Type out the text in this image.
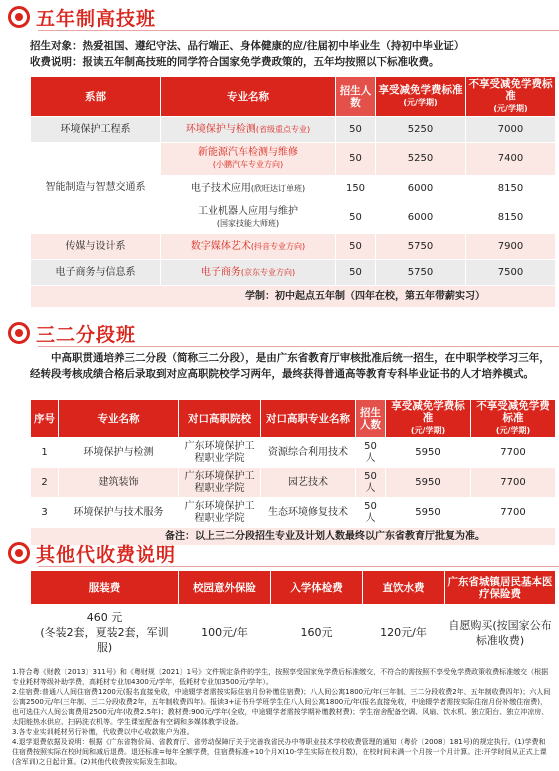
五年制高技班
招生对象：热爱祖国、遵纪守法、品行端正、身体健康的应/往届初中毕业生（持初中毕业证）
收费说明：报读五年制高技班的同学符合国家免学费政策的，五年均按照以下标准收费。
系部	专业名称	招生人数	享受减免学费标准
(元/学期)	不享受减免学费标准
(元/学期)
环境保护工程系	环境保护与检测(省级重点专业)	50	5250	7000
智能制造与智慧交通系	新能源汽车检测与维修
(小鹏汽车专业方向)	50	5250	7400
	电子技术应用(欣旺达订单班)	150	6000	8150
	工业机器人应用与维护
(国家技能大师班)	50	6000	8150
传媒与设计系	数字媒体艺术(抖音专业方向)	50	5750	7900
电子商务与信息系	电子商务(京东专业方向)	50	5750	7500
学制：初中起点五年制（四年在校，第五年带薪实习）				
三二分段班
中高职贯通培养三二分段（简称三二分段），是由广东省教育厅审核批准后统一招生，在中职学校学习三年，经转段考核成绩合格后录取到对应高职院校学习两年，最终获得普通高等教育专科毕业证书的人才培养模式。
序号	专业名称	对口高职院校	对口高职专业名称	招生人数	享受减免学费标准
(元/学期)	不享受减免学费标准
(元/学期)
1	环境保护与检测	广东环境保护工程职业学院	资源综合利用技术	50 人	5950	7700
2	建筑装饰	广东环境保护工程职业学院	园艺技术	50 人	5950	7700
3	环境保护与技术服务	广东环境保护工程职业学院	生态环境修复技术	50 人	5950	7700
备注：以上三二分段招生专业及计划人数最终以广东省教育厅批复为准。						
其他代收费说明
服装费	校园意外保险	入学体检费	直饮水费	广东省城镇居民基本医疗保险费
460 元
(冬装2套，夏装2套，军训服)	100元/年	160元	120元/年	自愿购买(按国家公布标准收费)
1.符合粤《财教〔2013〕311号》和《粤财规〔2021〕1号》文件规定条件的学生，按照享受国家免学费后标准缴交，不符合的需按照不享受免学费政策收费标准缴交（根据专业耗材等级补助学费，高耗材专业加4300元/学年，低耗材专业加3500元/学年）。
2.住宿费:普通八人间住宿费1200元(报名直接免收，中途辍学者需按实际住宿月份补缴住宿费)；八人间公寓1800元/年(三年制、三二分段收费2年、五年制收费四年)；六人间公寓2500元/年(三年制、三二分段收费2年，五年制收费四年)。报读3+证书升学班学生住八人间公寓1800元/年(报名直接免收，中途辍学者需按实际住宿月份补缴住宿费)，也可选住六人间公寓费用2500元/年(收费2.5年)；教材费:900元/学年(全收，中途辍学者需按学期补缴教材费)；学生宿舍配备空调、风扇、饮水机、独立阳台、独立冲凉房、太阳能热水供应、扫码洗衣机等。学生课室配备有空调和多媒体教学设备。
3.各专业实训耗材另行补缴，代收费以中心收款账户为准。
4.退学退费依据及说明：根据《广东省物价局、省教育厅、省劳动保障厅关于完善我省民办中等职业技术学校收费管理的通知（粤价〔2008〕181号)的规定执行。(1)学费和住宿费按照实际在校时间和减后退费。退还标准=每年全额学费，住宿费标准÷10个月X(10-学生实际在校月数)，在校时间未满一个月按一个月计算。注:开学时间从正式上课(含军训)之日起计算。(2)其他代收费按实际发生扣取。
